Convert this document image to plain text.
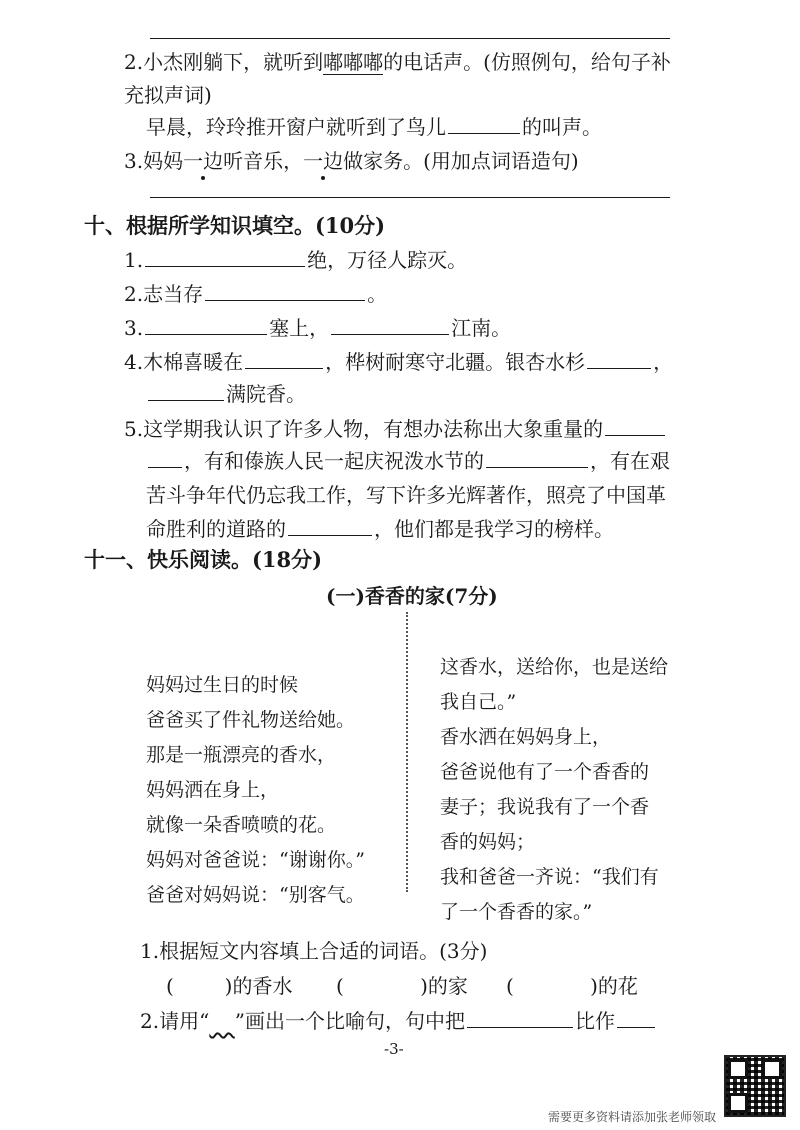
2.小杰刚躺下，就听到嘟嘟嘟的电话声。(仿照例句，给句子补
充拟声词)
早晨，玲玲推开窗户就听到了鸟儿	的叫声。
3.妈妈一边听音乐，一边做家务。(用加点词语造句)
十、根据所学知识填空。(10分)
1.	绝，万径人踪灭。
2.志当存	。
3.	塞上，	江南。
4.木棉喜暖在	，桦树耐寒守北疆。银杏水杉	，
满院香。
5.这学期我认识了许多人物，有想办法称出大象重量的
，有和傣族人民一起庆祝泼水节的	，有在艰
苦斗争年代仍忘我工作，写下许多光辉著作，照亮了中国革
命胜利的道路的	，他们都是我学习的榜样。
十一、快乐阅读。(18分)
(一)香香的家(7分)
妈妈过生日的时候
爸爸买了件礼物送给她。
那是一瓶漂亮的香水，
妈妈洒在身上，
就像一朵香喷喷的花。
妈妈对爸爸说：“谢谢你。”
爸爸对妈妈说：“别客气。
这香水，送给你，也是送给
我自己。”
香水洒在妈妈身上，
爸爸说他有了一个香香的
妻子；我说我有了一个香
香的妈妈；
我和爸爸一齐说：“我们有
了一个香香的家。”
1.根据短文内容填上合适的词语。(3分)
(        )的香水 (            )的家 (            )的花
2.请用“ ”画出一个比喻句，句中把	比作
-3-
需要更多资料请添加张老师领取
